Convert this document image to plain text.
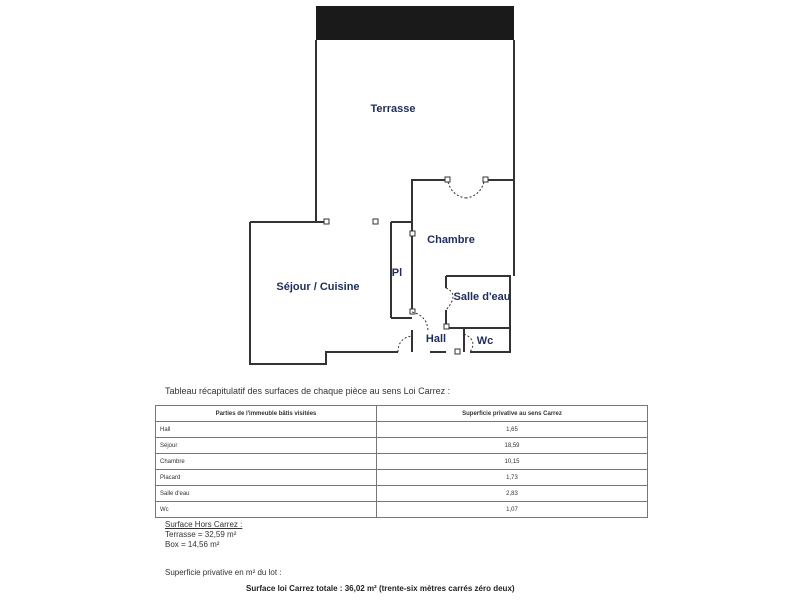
Terrasse
Chambre
Séjour / Cuisine
Pl
Salle d'eau
Hall	Wc
Tableau récapitulatif des surfaces de chaque pièce au sens Loi Carrez :
Parties de l'immeuble bâtis visitées	Superficie privative au sens Carrez
Hall	1,65
Séjour	18,59
Chambre	10,15
Placard	1,73
Salle d'eau	2,83
Wc	1,07
Surface Hors Carrez :
Terrasse = 32,59 m²
Box = 14,56 m²
Superficie privative en m² du lot :
Surface loi Carrez totale : 36,02 m² (trente-six mètres carrés zéro deux)
